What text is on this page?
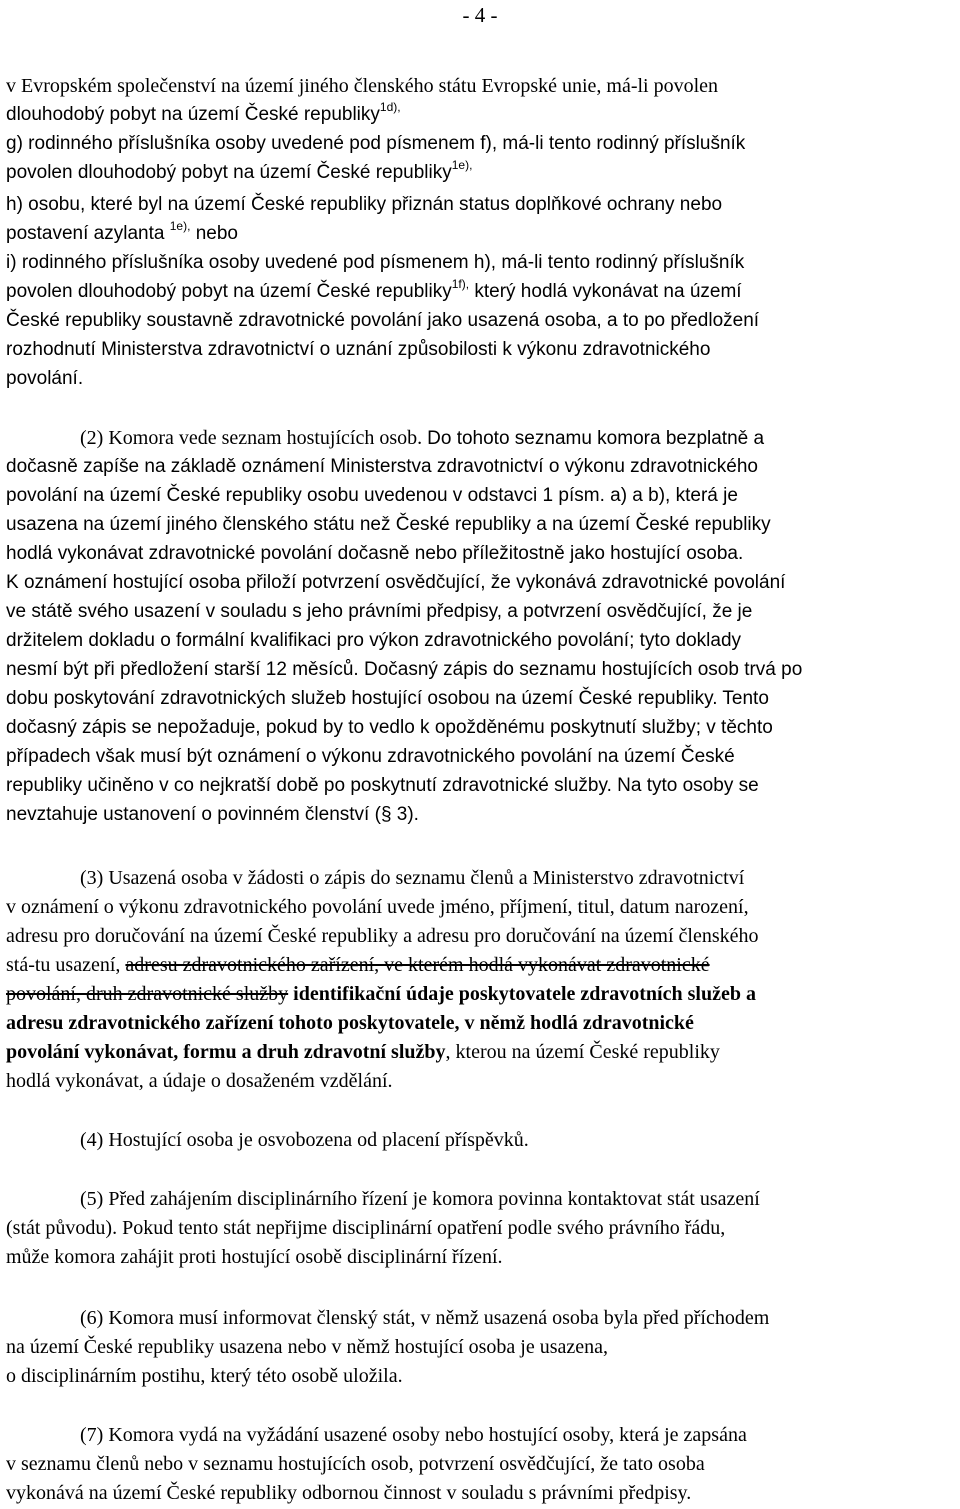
- 4 -
v Evropském společenství na území jiného členského státu Evropské unie, má-li povolen
dlouhodobý pobyt na území České republiky$^{1d),}$
g) rodinného příslušníka osoby uvedené pod písmenem f), má-li tento rodinný příslušník
povolen dlouhodobý pobyt na území České republiky$^{1e),}$
h) osobu, které byl na území České republiky přiznán status doplňkové ochrany nebo
postavení azylanta $^{1e),}$ nebo
i) rodinného příslušníka osoby uvedené pod písmenem h), má-li tento rodinný příslušník
povolen dlouhodobý pobyt na území České republiky$^{1f),}$ který hodlá vykonávat na území
České republiky soustavně zdravotnické povolání jako usazená osoba, a to po předložení
rozhodnutí Ministerstva zdravotnictví o uznání způsobilosti k výkonu zdravotnického
povolání.
(2) Komora vede seznam hostujících osob. Do tohoto seznamu komora bezplatně a
dočasně zapíše na základě oznámení Ministerstva zdravotnictví o výkonu zdravotnického
povolání na území České republiky osobu uvedenou v odstavci 1 písm. a) a b), která je
usazena na území jiného členského státu než České republiky a na území České republiky
hodlá vykonávat zdravotnické povolání dočasně nebo příležitostně jako hostující osoba.
K oznámení hostující osoba přiloží potvrzení osvědčující, že vykonává zdravotnické povolání
ve státě svého usazení v souladu s jeho právními předpisy, a potvrzení osvědčující, že je
držitelem dokladu o formální kvalifikaci pro výkon zdravotnického povolání; tyto doklady
nesmí být při předložení starší 12 měsíců. Dočasný zápis do seznamu hostujících osob trvá po
dobu poskytování zdravotnických služeb hostující osobou na území České republiky. Tento
dočasný zápis se nepožaduje, pokud by to vedlo k opožděnému poskytnutí služby; v těchto
případech však musí být oznámení o výkonu zdravotnického povolání na území České
republiky učiněno v co nejkratší době po poskytnutí zdravotnické služby. Na tyto osoby se
nevztahuje ustanovení o povinném členství (§ 3).
(3) Usazená osoba v žádosti o zápis do seznamu členů a Ministerstvo zdravotnictví
v oznámení o výkonu zdravotnického povolání uvede jméno, příjmení, titul, datum narození,
adresu pro doručování na území České republiky a adresu pro doručování na území členského
stá-tu usazení, adresu zdravotnického zařízení, ve kterém hodlá vykonávat zdravotnické
povolání, druh zdravotnické služby identifikační údaje poskytovatele zdravotních služeb a
adresu zdravotnického zařízení tohoto poskytovatele, v němž hodlá zdravotnické
povolání vykonávat, formu a druh zdravotní služby, kterou na území České republiky
hodlá vykonávat, a údaje o dosaženém vzdělání.
(4) Hostující osoba je osvobozena od placení příspěvků.
(5) Před zahájením disciplinárního řízení je komora povinna kontaktovat stát usazení
(stát původu). Pokud tento stát nepřijme disciplinární opatření podle svého právního řádu,
může komora zahájit proti hostující osobě disciplinární řízení.
(6) Komora musí informovat členský stát, v němž usazená osoba byla před příchodem
na území České republiky usazena nebo v němž hostující osoba je usazena,
o disciplinárním postihu, který této osobě uložila.
(7) Komora vydá na vyžádání usazené osoby nebo hostující osoby, která je zapsána
v seznamu členů nebo v seznamu hostujících osob, potvrzení osvědčující, že tato osoba
vykonává na území České republiky odbornou činnost v souladu s právními předpisy.
